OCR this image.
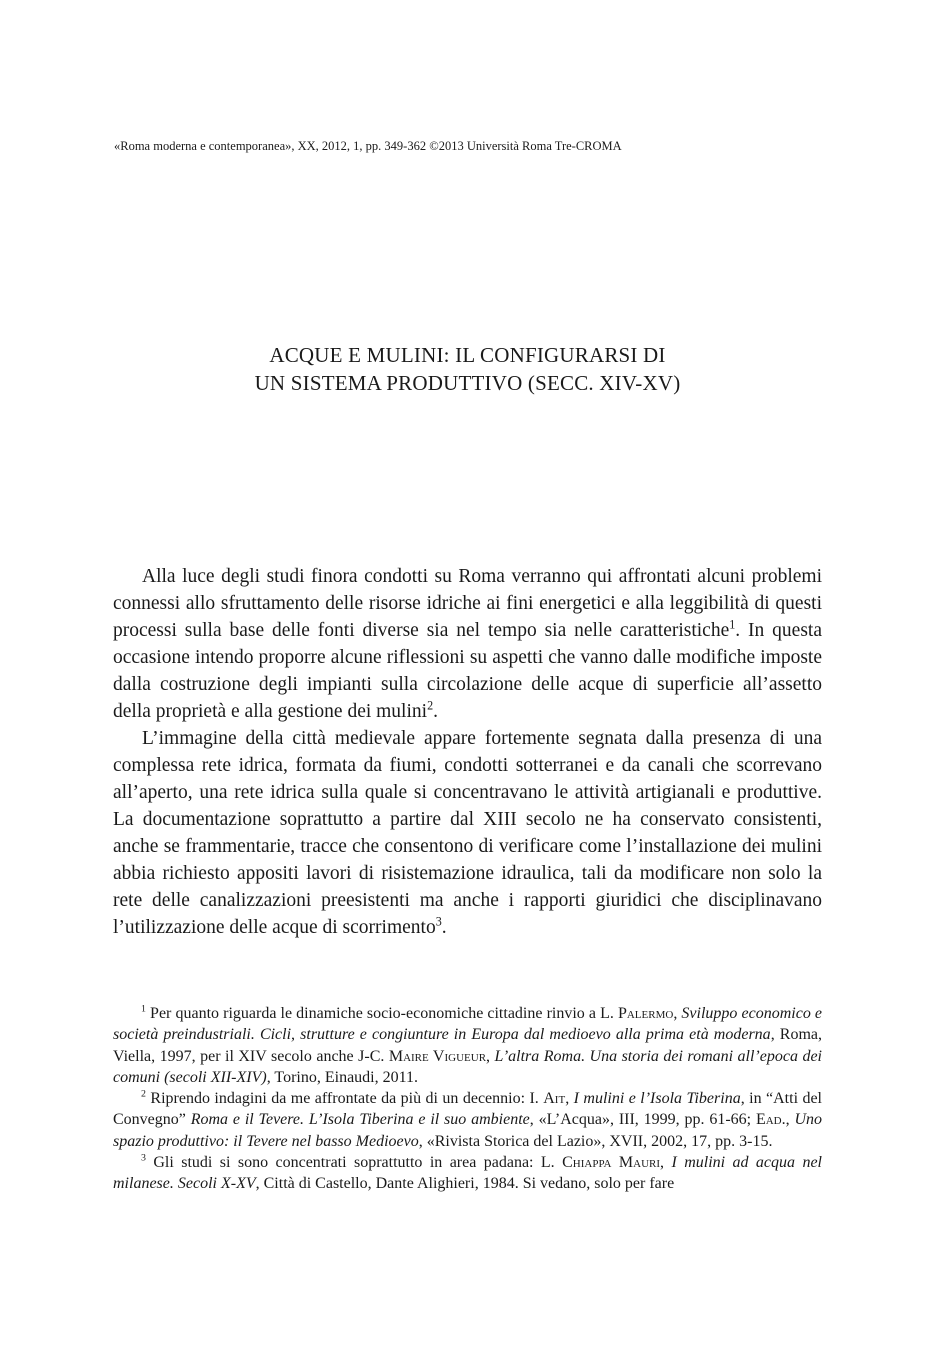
«Roma moderna e contemporanea», XX, 2012, 1, pp. 349-362 ©2013 Università Roma Tre-CROMA
ACQUE E MULINI: IL CONFIGURARSI DI
UN SISTEMA PRODUTTIVO (SECC. XIV-XV)

Alla luce degli studi finora condotti su Roma verranno qui affrontati alcuni problemi connessi allo sfruttamento delle risorse idriche ai fini energetici e alla leggibilità di questi processi sulla base delle fonti diverse sia nel tempo sia nelle caratteristiche$^1$. In questa occasione intendo proporre alcune riflessioni su aspetti che vanno dalle modifiche imposte dalla costruzione degli impianti sulla circolazione delle acque di superficie all’assetto della proprietà e alla gestione dei mulini$^2$.

L’immagine della città medievale appare fortemente segnata dalla presenza di una complessa rete idrica, formata da fiumi, condotti sotterranei e da canali che scorrevano all’aperto, una rete idrica sulla quale si concentravano le attività artigianali e produttive. La documentazione soprattutto a partire dal XIII secolo ne ha conservato consistenti, anche se frammentarie, tracce che consentono di verificare come l’installazione dei mulini abbia richiesto appositi lavori di risistemazione idraulica, tali da modificare non solo la rete delle canalizzazioni preesistenti ma anche i rapporti giuridici che disciplinavano l’utilizzazione delle acque di scorrimento$^3$.

$^1$ Per quanto riguarda le dinamiche socio-economiche cittadine rinvio a L. Palermo, Sviluppo economico e società preindustriali. Cicli, strutture e congiunture in Europa dal medioevo alla prima età moderna, Roma, Viella, 1997, per il XIV secolo anche J-C. Maire Vigueur, L’altra Roma. Una storia dei romani all’epoca dei comuni (secoli XII-XIV), Torino, Einaudi, 2011.

$^2$ Riprendo indagini da me affrontate da più di un decennio: I. Ait, I mulini e l’Isola Tiberina, in “Atti del Convegno” Roma e il Tevere. L’Isola Tiberina e il suo ambiente, «L’Acqua», III, 1999, pp. 61-66; Ead., Uno spazio produttivo: il Tevere nel basso Medioevo, «Rivista Storica del Lazio», XVII, 2002, 17, pp. 3-15.

$^3$ Gli studi si sono concentrati soprattutto in area padana: L. Chiappa Mauri, I mulini ad acqua nel milanese. Secoli X-XV, Città di Castello, Dante Alighieri, 1984. Si vedano, solo per fare
